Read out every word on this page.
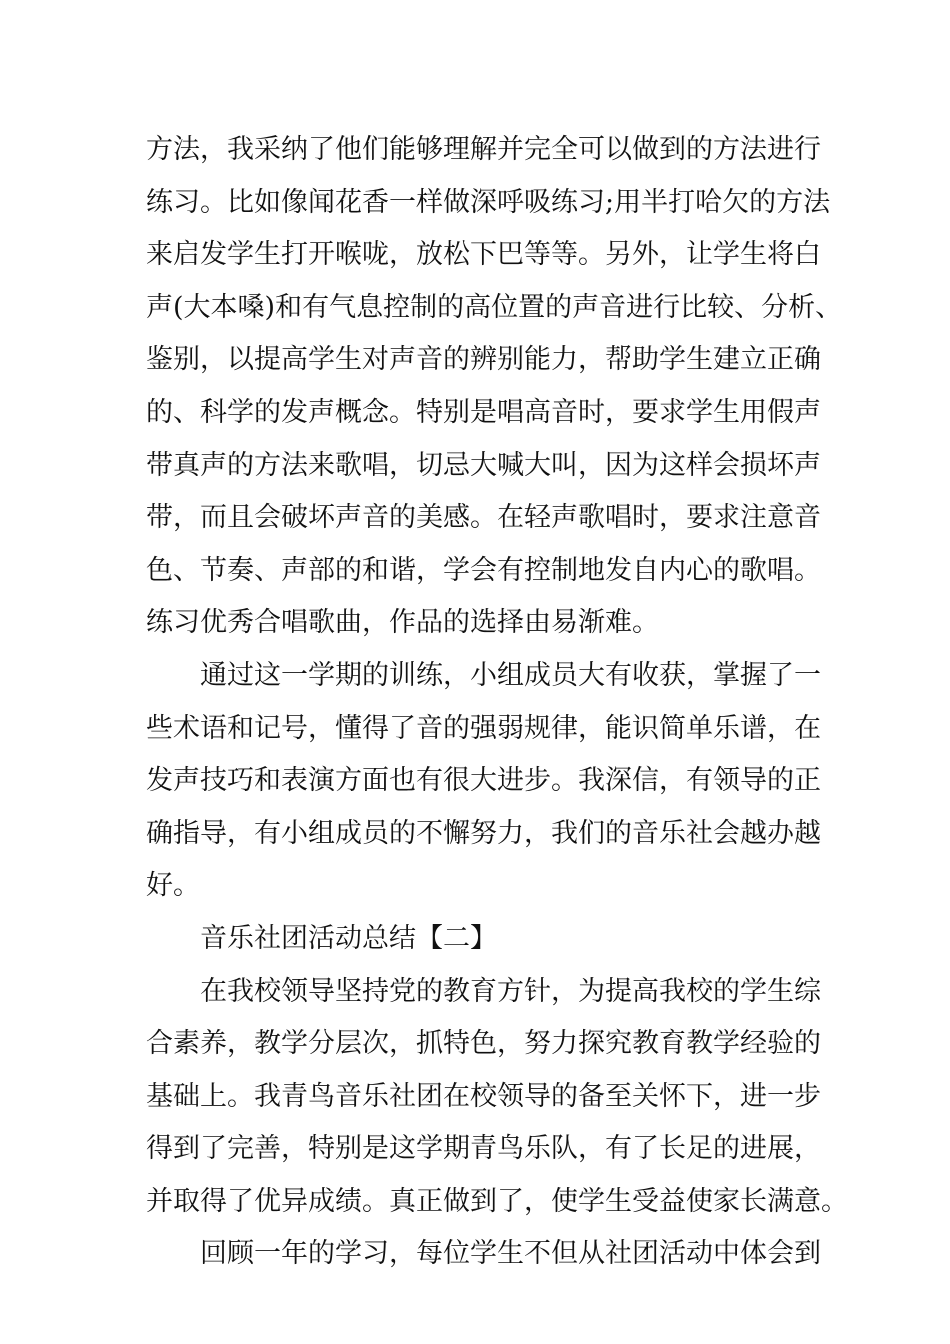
方法，我采纳了他们能够理解并完全可以做到的方法进行
练习。比如像闻花香一样做深呼吸练习;用半打哈欠的方法
来启发学生打开喉咙，放松下巴等等。另外，让学生将白
声(大本嗓)和有气息控制的高位置的声音进行比较、分析、
鉴别，以提高学生对声音的辨别能力，帮助学生建立正确
的、科学的发声概念。特别是唱高音时，要求学生用假声
带真声的方法来歌唱，切忌大喊大叫，因为这样会损坏声
带，而且会破坏声音的美感。在轻声歌唱时，要求注意音
色、节奏、声部的和谐，学会有控制地发自内心的歌唱。
练习优秀合唱歌曲，作品的选择由易渐难。
通过这一学期的训练，小组成员大有收获，掌握了一
些术语和记号，懂得了音的强弱规律，能识简单乐谱，在
发声技巧和表演方面也有很大进步。我深信，有领导的正
确指导，有小组成员的不懈努力，我们的音乐社会越办越
好。
音乐社团活动总结【二】
在我校领导坚持党的教育方针，为提高我校的学生综
合素养，教学分层次，抓特色，努力探究教育教学经验的
基础上。我青鸟音乐社团在校领导的备至关怀下，进一步
得到了完善，特别是这学期青鸟乐队，有了长足的进展，
并取得了优异成绩。真正做到了，使学生受益使家长满意。
回顾一年的学习，每位学生不但从社团活动中体会到
